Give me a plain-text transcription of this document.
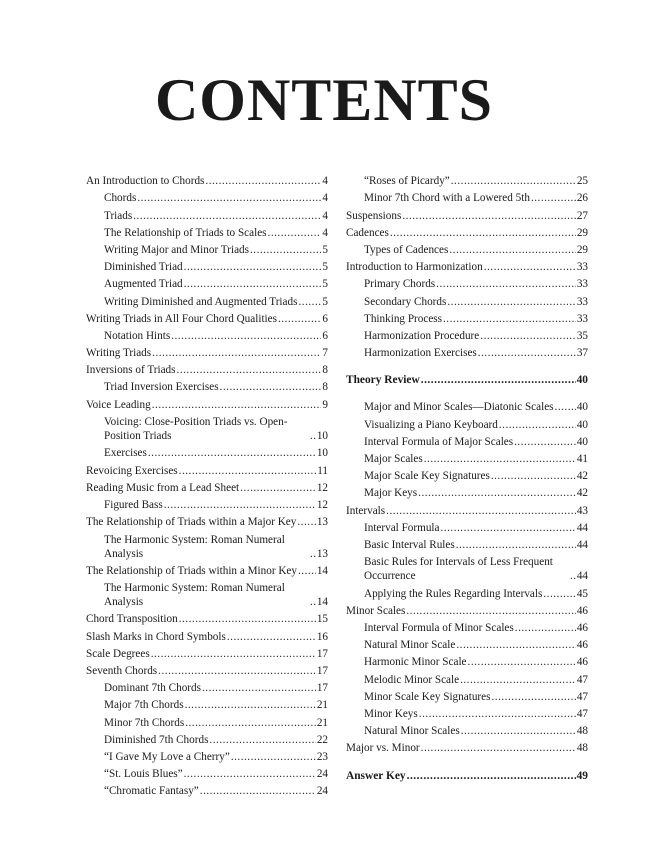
CONTENTS
An Introduction to Chords .....	4
Chords .....	4
Triads .....	4
The Relationship of Triads to Scales .....	4
Writing Major and Minor Triads .....	5
Diminished Triad .....	5
Augmented Triad .....	5
Writing Diminished and Augmented Triads ..... 5
Writing Triads in All Four Chord Qualities .....	6
Notation Hints .....	6
Writing Triads .....	7
Inversions of Triads .....	8
Triad Inversion Exercises .....	8
Voice Leading .....	9
Voicing: Close-Position Triads vs. Open-Position Triads .....	10
Exercises .....	10
Revoicing Exercises .....	11
Reading Music from a Lead Sheet .....	12
Figured Bass .....	12
The Relationship of Triads within a Major Key ..... 13
The Harmonic System: Roman Numeral Analysis .....	13
The Relationship of Triads within a Minor Key ..... 14
The Harmonic System: Roman Numeral Analysis .....	14
Chord Transposition .....	15
Slash Marks in Chord Symbols .....	16
Scale Degrees .....	17
Seventh Chords .....	17
Dominant 7th Chords .....	17
Major 7th Chords .....	21
Minor 7th Chords .....	21
Diminished 7th Chords .....	22
“I Gave My Love a Cherry” .....	23
“St. Louis Blues” .....	24
“Chromatic Fantasy” .....	24
“Roses of Picardy” .....	25
Minor 7th Chord with a Lowered 5th .....	26
Suspensions .....	27
Cadences .....	29
Types of Cadences .....	29
Introduction to Harmonization .....	33
Primary Chords .....	33
Secondary Chords .....	33
Thinking Process .....	33
Harmonization Procedure .....	35
Harmonization Exercises .....	37
Theory Review .....	40
Major and Minor Scales—Diatonic Scales ..... 40
Visualizing a Piano Keyboard .....	40
Interval Formula of Major Scales .....	40
Major Scales .....	41
Major Scale Key Signatures .....	42
Major Keys .....	42
Intervals .....	43
Interval Formula .....	44
Basic Interval Rules .....	44
Basic Rules for Intervals of Less Frequent Occurrence .....	44
Applying the Rules Regarding Intervals .....	45
Minor Scales .....	46
Interval Formula of Minor Scales .....	46
Natural Minor Scale .....	46
Harmonic Minor Scale .....	46
Melodic Minor Scale .....	47
Minor Scale Key Signatures .....	47
Minor Keys .....	47
Natural Minor Scales .....	48
Major vs. Minor .....	48
Answer Key .....	49
